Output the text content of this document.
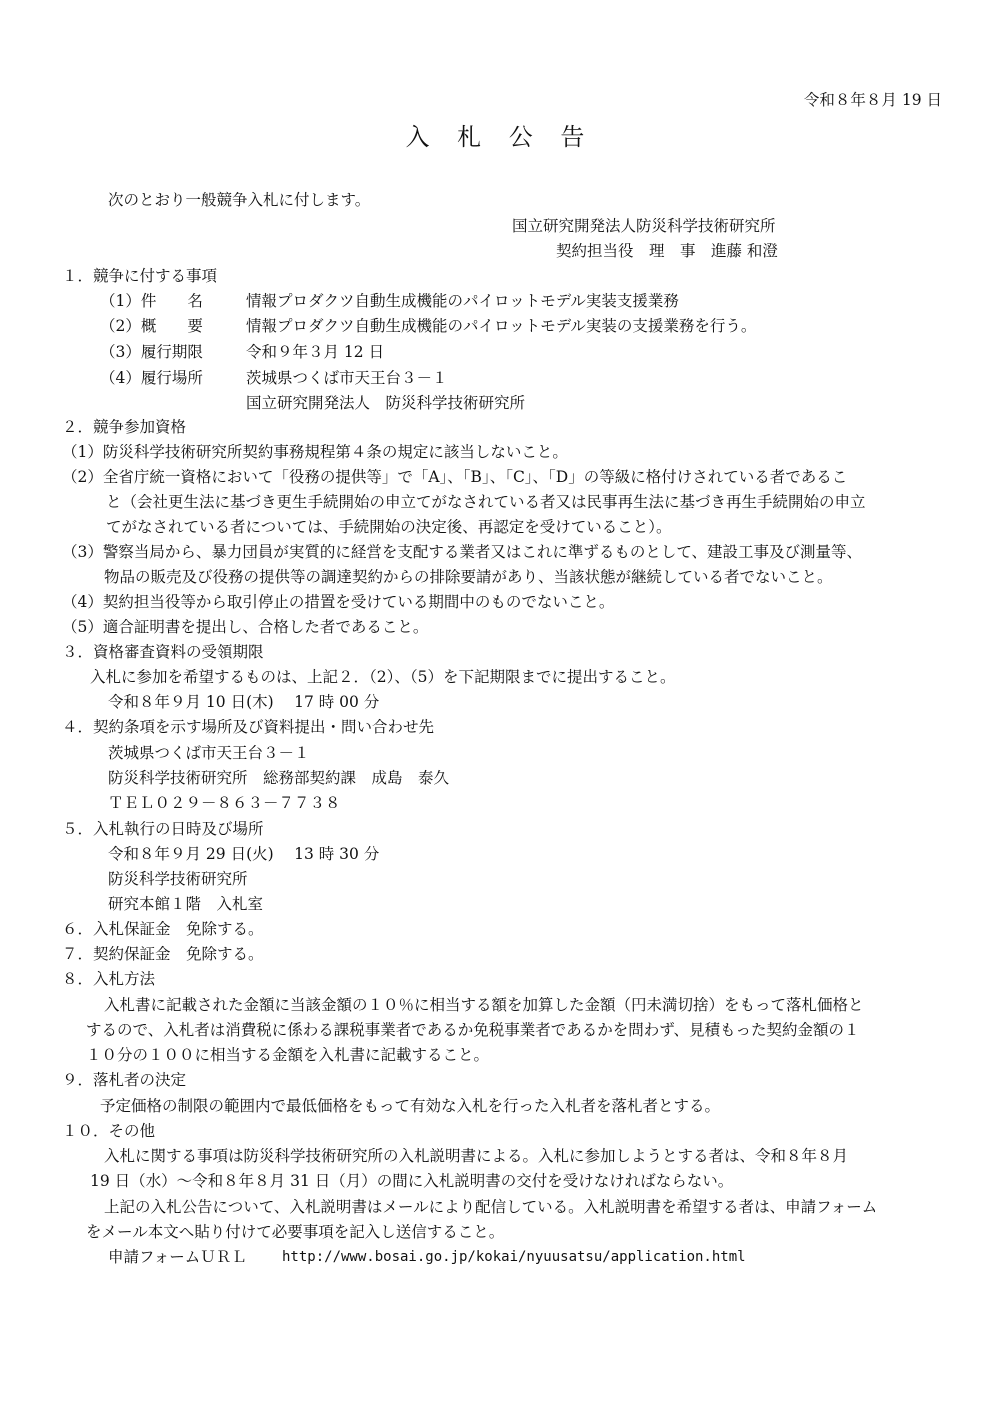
令和８年８月 19 日
入 札 公 告
次のとおり一般競争入札に付します。
国立研究開発法人防災科学技術研究所
契約担当役　理　事　進藤 和澄
１．競争に付する事項
（1）件　　名	情報プロダクツ自動生成機能のパイロットモデル実装支援業務
（2）概　　要	情報プロダクツ自動生成機能のパイロットモデル実装の支援業務を行う。
（3）履行期限	令和９年３月 12 日
（4）履行場所	茨城県つくば市天王台３－１
国立研究開発法人　防災科学技術研究所
２．競争参加資格
（1）防災科学技術研究所契約事務規程第４条の規定に該当しないこと。
（2）全省庁統一資格において「役務の提供等」で「A」、「B」、「C」、「D」の等級に格付けされている者であるこ
と（会社更生法に基づき更生手続開始の申立てがなされている者又は民事再生法に基づき再生手続開始の申立
てがなされている者については、手続開始の決定後、再認定を受けていること）。
（3）警察当局から、暴力団員が実質的に経営を支配する業者又はこれに準ずるものとして、建設工事及び測量等、
物品の販売及び役務の提供等の調達契約からの排除要請があり、当該状態が継続している者でないこと。
（4）契約担当役等から取引停止の措置を受けている期間中のものでないこと。
（5）適合証明書を提出し、合格した者であること。
３．資格審査資料の受領期限
入札に参加を希望するものは、上記２．（2）、（5）を下記期限までに提出すること。
令和８年９月 10 日(木)　 17 時 00 分
４．契約条項を示す場所及び資料提出・問い合わせ先
茨城県つくば市天王台３－１
防災科学技術研究所　総務部契約課　成島　泰久
ＴＥＬ０２９－８６３－７７３８
５．入札執行の日時及び場所
令和８年９月 29 日(火)　 13 時 30 分
防災科学技術研究所
研究本館１階　入札室
６．入札保証金　免除する。
７．契約保証金　免除する。
８．入札方法
入札書に記載された金額に当該金額の１０％に相当する額を加算した金額（円未満切捨）をもって落札価格と
するので、入札者は消費税に係わる課税事業者であるか免税事業者であるかを問わず、見積もった契約金額の１
１０分の１００に相当する金額を入札書に記載すること。
９．落札者の決定
予定価格の制限の範囲内で最低価格をもって有効な入札を行った入札者を落札者とする。
１０．その他
入札に関する事項は防災科学技術研究所の入札説明書による。入札に参加しようとする者は、令和８年８月
19 日（水）～令和８年８月 31 日（月）の間に入札説明書の交付を受けなければならない。
上記の入札公告について、入札説明書はメールにより配信している。入札説明書を希望する者は、申請フォーム
をメール本文へ貼り付けて必要事項を記入し送信すること。
申請フォームＵＲＬ	http://www.bosai.go.jp/kokai/nyuusatsu/application.html
